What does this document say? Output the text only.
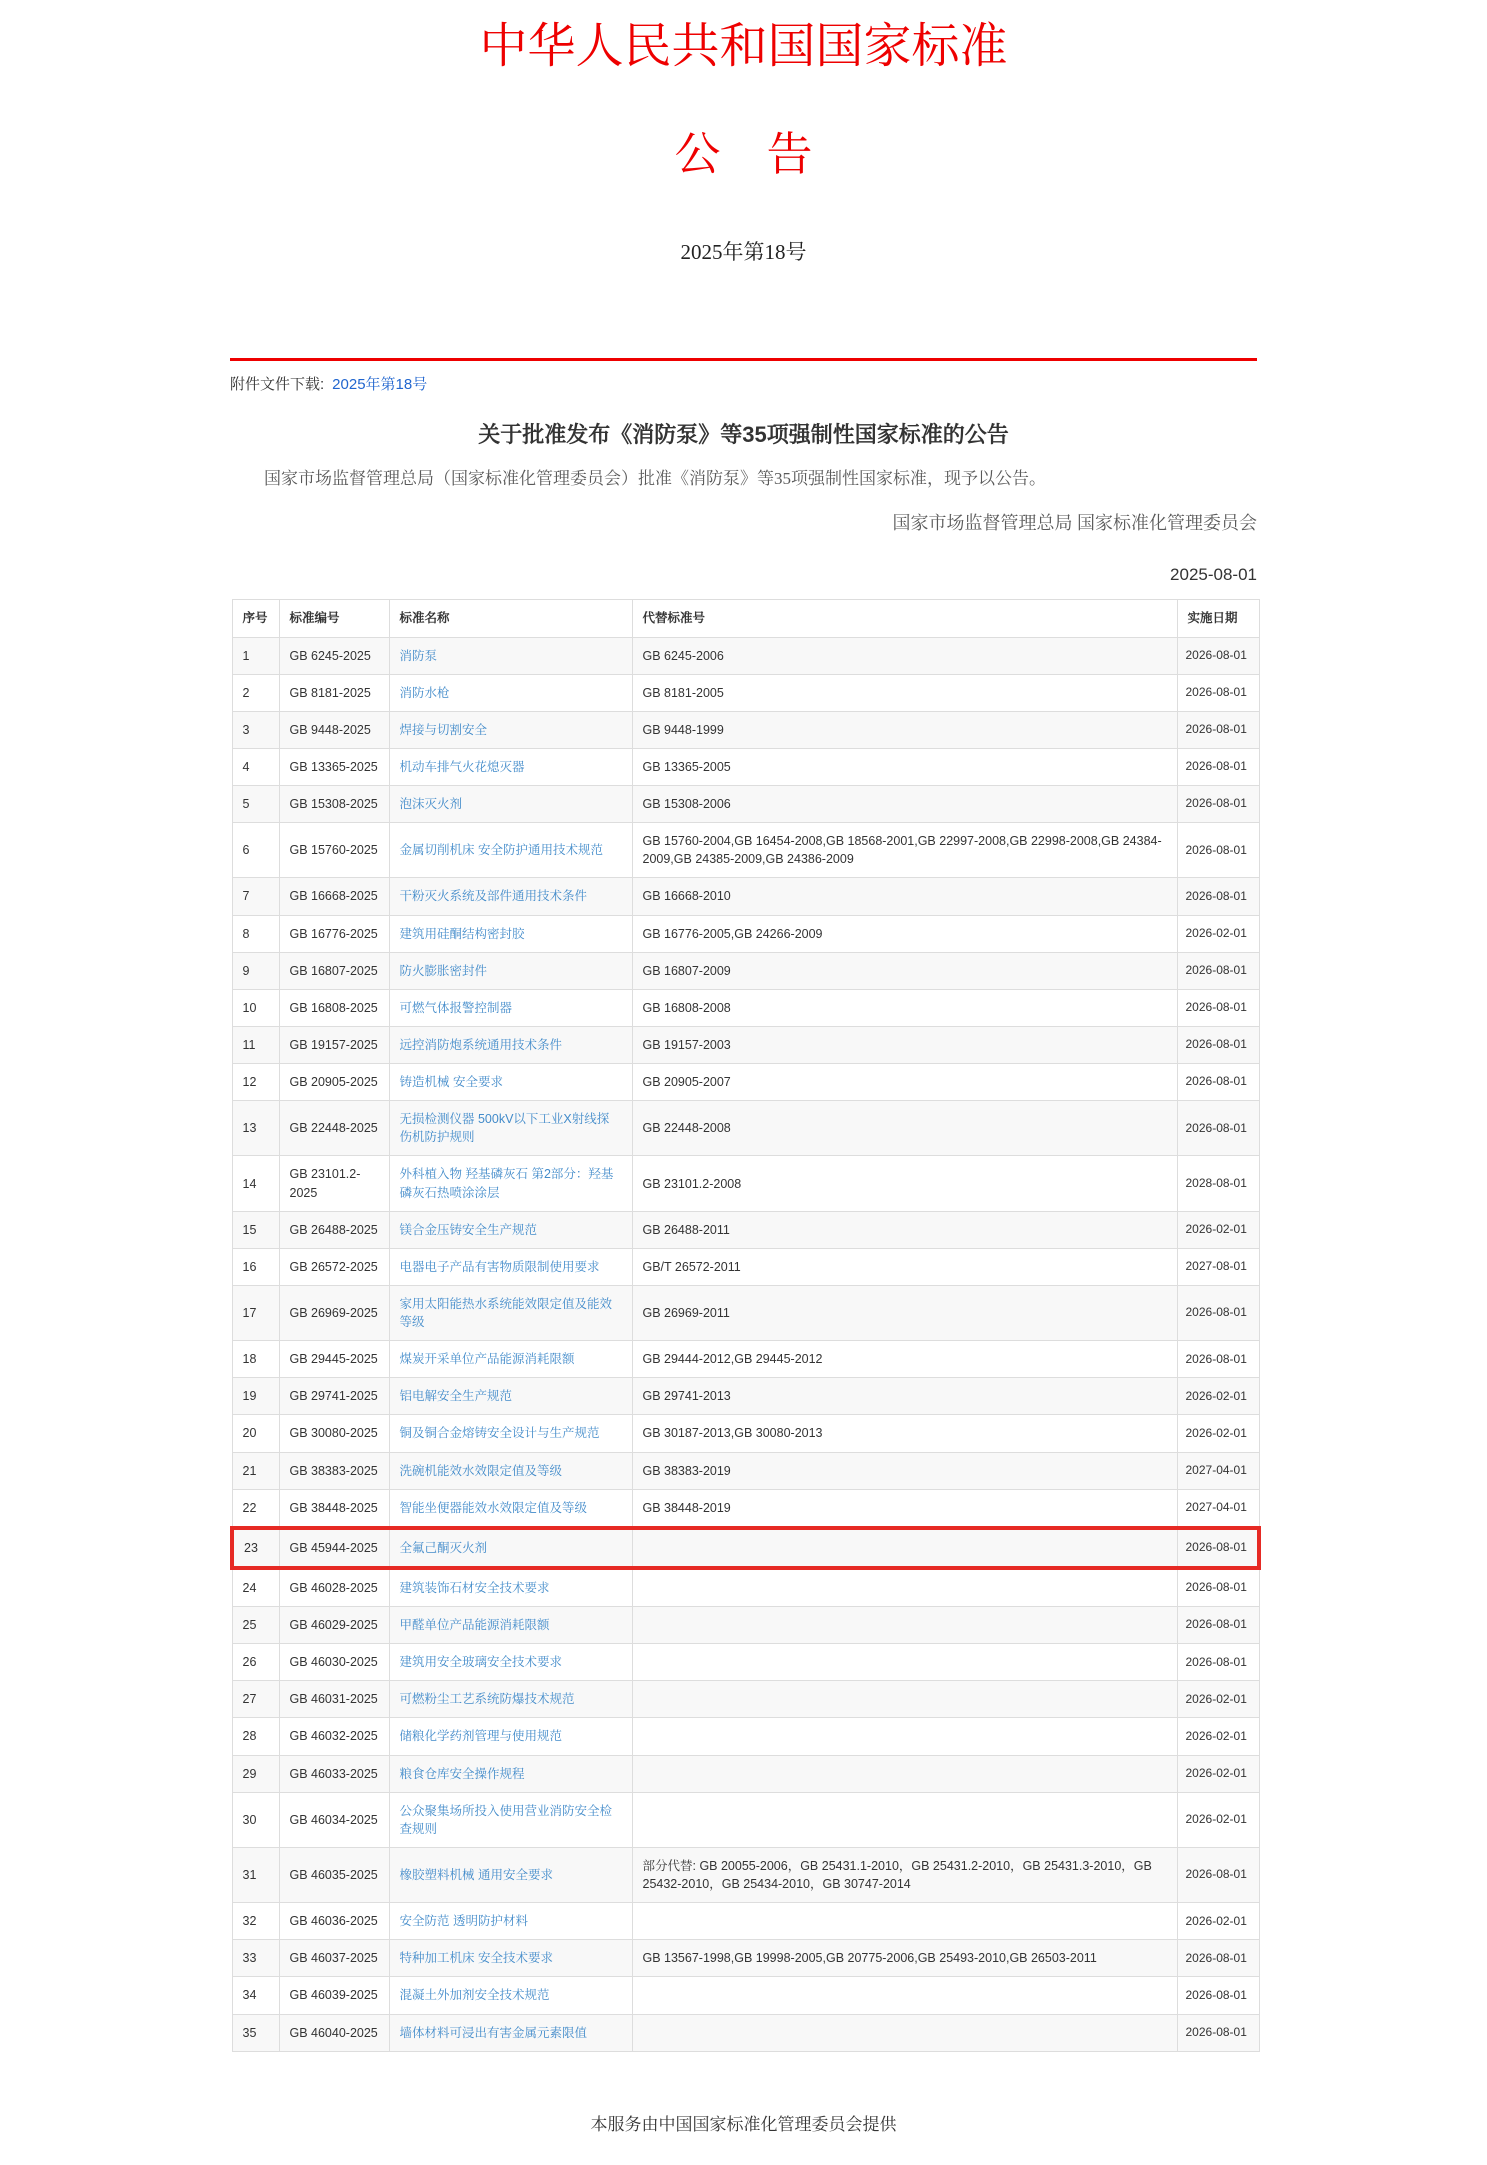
中华人民共和国国家标准
公　告
2025年第18号
附件文件下载: 2025年第18号
关于批准发布《消防泵》等35项强制性国家标准的公告

国家市场监督管理总局（国家标准化管理委员会）批准《消防泵》等35项强制性国家标准，现予以公告。

国家市场监督管理总局 国家标准化管理委员会
2025-08-01
序号	标准编号	标准名称	代替标准号	实施日期
1	GB 6245-2025	消防泵	GB 6245-2006	2026-08-01
2	GB 8181-2025	消防水枪	GB 8181-2005	2026-08-01
3	GB 9448-2025	焊接与切割安全	GB 9448-1999	2026-08-01
4	GB 13365-2025	机动车排气火花熄灭器	GB 13365-2005	2026-08-01
5	GB 15308-2025	泡沫灭火剂	GB 15308-2006	2026-08-01
6	GB 15760-2025	金属切削机床 安全防护通用技术规范	GB 15760-2004,GB 16454-2008,GB 18568-2001,GB 22997-2008,GB 22998-2008,GB 24384-2009,GB 24385-2009,GB 24386-2009	2026-08-01
7	GB 16668-2025	干粉灭火系统及部件通用技术条件	GB 16668-2010	2026-08-01
8	GB 16776-2025	建筑用硅酮结构密封胶	GB 16776-2005,GB 24266-2009	2026-02-01
9	GB 16807-2025	防火膨胀密封件	GB 16807-2009	2026-08-01
10	GB 16808-2025	可燃气体报警控制器	GB 16808-2008	2026-08-01
11	GB 19157-2025	远控消防炮系统通用技术条件	GB 19157-2003	2026-08-01
12	GB 20905-2025	铸造机械 安全要求	GB 20905-2007	2026-08-01
13	GB 22448-2025	无损检测仪器 500kV以下工业X射线探伤机防护规则	GB 22448-2008	2026-08-01
14	GB 23101.2-2025	外科植入物 羟基磷灰石 第2部分：羟基磷灰石热喷涂涂层	GB 23101.2-2008	2028-08-01
15	GB 26488-2025	镁合金压铸安全生产规范	GB 26488-2011	2026-02-01
16	GB 26572-2025	电器电子产品有害物质限制使用要求	GB/T 26572-2011	2027-08-01
17	GB 26969-2025	家用太阳能热水系统能效限定值及能效等级	GB 26969-2011	2026-08-01
18	GB 29445-2025	煤炭开采单位产品能源消耗限额	GB 29444-2012,GB 29445-2012	2026-08-01
19	GB 29741-2025	铝电解安全生产规范	GB 29741-2013	2026-02-01
20	GB 30080-2025	铜及铜合金熔铸安全设计与生产规范	GB 30187-2013,GB 30080-2013	2026-02-01
21	GB 38383-2025	洗碗机能效水效限定值及等级	GB 38383-2019	2027-04-01
22	GB 38448-2025	智能坐便器能效水效限定值及等级	GB 38448-2019	2027-04-01
23	GB 45944-2025	全氟己酮灭火剂		2026-08-01
24	GB 46028-2025	建筑装饰石材安全技术要求		2026-08-01
25	GB 46029-2025	甲醛单位产品能源消耗限额		2026-08-01
26	GB 46030-2025	建筑用安全玻璃安全技术要求		2026-08-01
27	GB 46031-2025	可燃粉尘工艺系统防爆技术规范		2026-02-01
28	GB 46032-2025	储粮化学药剂管理与使用规范		2026-02-01
29	GB 46033-2025	粮食仓库安全操作规程		2026-02-01
30	GB 46034-2025	公众聚集场所投入使用营业消防安全检查规则		2026-02-01
31	GB 46035-2025	橡胶塑料机械 通用安全要求	部分代替: GB 20055-2006，GB 25431.1-2010，GB 25431.2-2010，GB 25431.3-2010，GB 25432-2010，GB 25434-2010，GB 30747-2014	2026-08-01
32	GB 46036-2025	安全防范 透明防护材料		2026-02-01
33	GB 46037-2025	特种加工机床 安全技术要求	GB 13567-1998,GB 19998-2005,GB 20775-2006,GB 25493-2010,GB 26503-2011	2026-08-01
34	GB 46039-2025	混凝土外加剂安全技术规范		2026-08-01
35	GB 46040-2025	墙体材料可浸出有害金属元素限值		2026-08-01
本服务由中国国家标准化管理委员会提供
